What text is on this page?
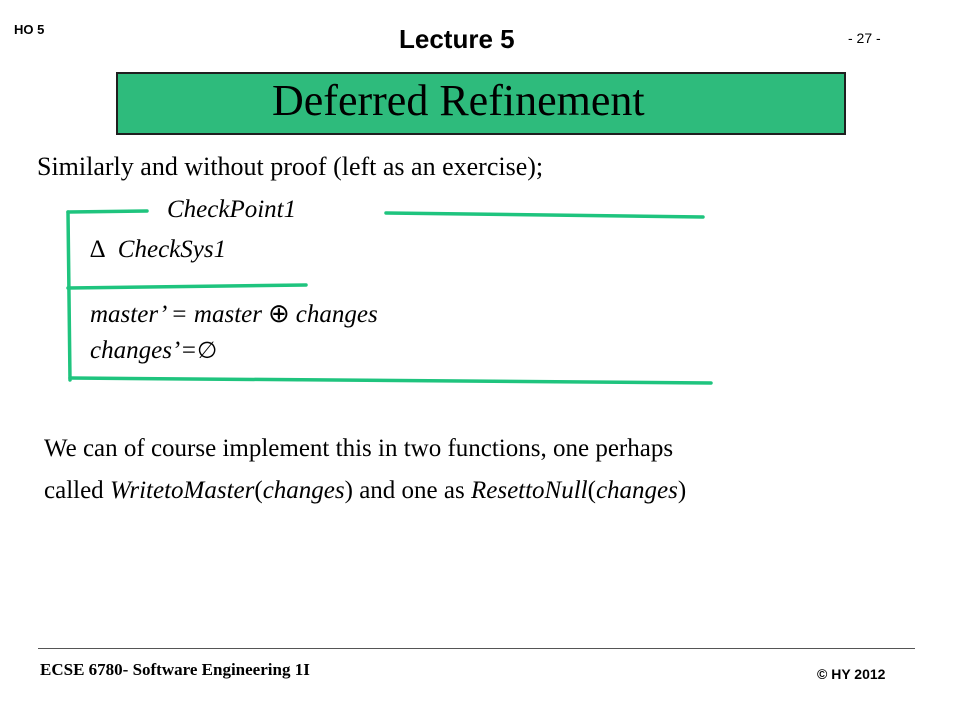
HO 5	Lecture 5	- 27 -
Deferred Refinement
Similarly and without proof (left as an exercise);
CheckPoint1
∆ CheckSys1
master’ = master ⊕ changes
changes’=∅
We can of course implement this in two functions, one perhaps
called WritetoMaster(changes) and one as ResettoNull(changes)
ECSE 6780- Software Engineering 1I	© HY 2012
